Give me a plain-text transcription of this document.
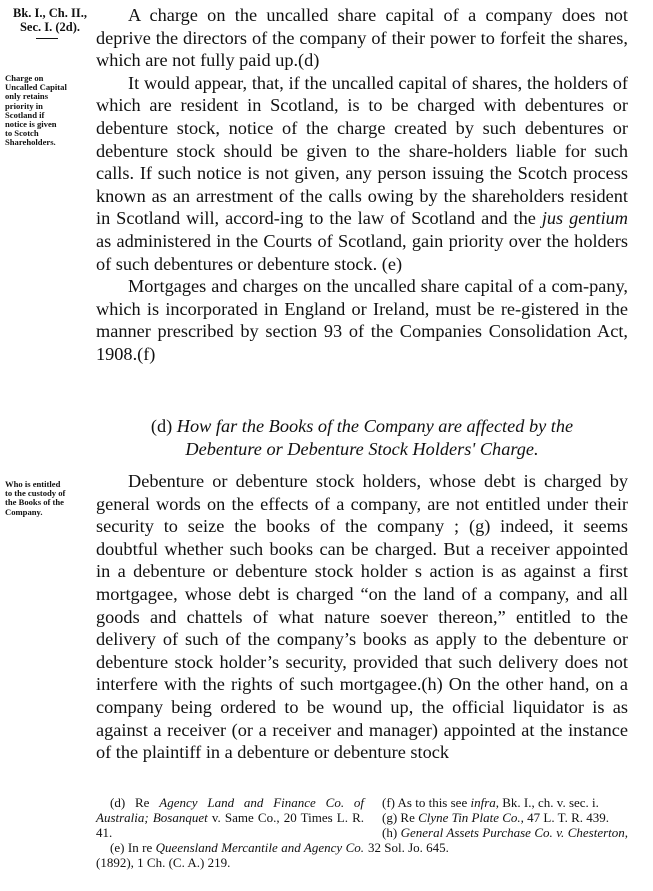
Bk. I., Ch. II.,
Sec. I. (2d).
Charge on
Uncalled Capital
only retains
priority in
Scotland if
notice is given
to Scotch
Shareholders.
Who is entitled
to the custody of
the Books of the
Company.

A charge on the uncalled share capital of a company does not deprive the directors of the company of their power to forfeit the shares, which are not fully paid up.(d)

It would appear, that, if the uncalled capital of shares, the holders of which are resident in Scotland, is to be charged with debentures or debenture stock, notice of the charge created by such debentures or debenture stock should be given to the share-holders liable for such calls. If such notice is not given, any person issuing the Scotch process known as an arrestment of the calls owing by the shareholders resident in Scotland will, accord-ing to the law of Scotland and the jus gentium as administered in the Courts of Scotland, gain priority over the holders of such debentures or debenture stock. (e)

Mortgages and charges on the uncalled share capital of a com-pany, which is incorporated in England or Ireland, must be re-gistered in the manner prescribed by section 93 of the Companies Consolidation Act, 1908.(f)

(d) How far the Books of the Company are affected by the
Debenture or Debenture Stock Holders' Charge.

Debenture or debenture stock holders, whose debt is charged by general words on the effects of a company, are not entitled under their security to seize the books of the company ; (g) indeed, it seems doubtful whether such books can be charged. But a receiver appointed in a debenture or debenture stock holder s action is as against a first mortgagee, whose debt is charged “on the land of a company, and all goods and chattels of what nature soever thereon,” entitled to the delivery of such of the company’s books as apply to the debenture or debenture stock holder’s security, provided that such delivery does not interfere with the rights of such mortgagee.(h) On the other hand, on a company being ordered to be wound up, the official liquidator is as against a receiver (or a receiver and manager) appointed at the instance of the plaintiff in a debenture or debenture stock

(d) Re Agency Land and Finance Co. of Australia; Bosanquet v. Same Co., 20 Times L. R. 41.

(e) In re Queensland Mercantile and Agency Co. (1892), 1 Ch. (C. A.) 219.

(f) As to this see infra, Bk. I., ch. v. sec. i.

(g) Re Clyne Tin Plate Co., 47 L. T. R. 439.

(h) General Assets Purchase Co. v. Chesterton, 32 Sol. Jo. 645.
